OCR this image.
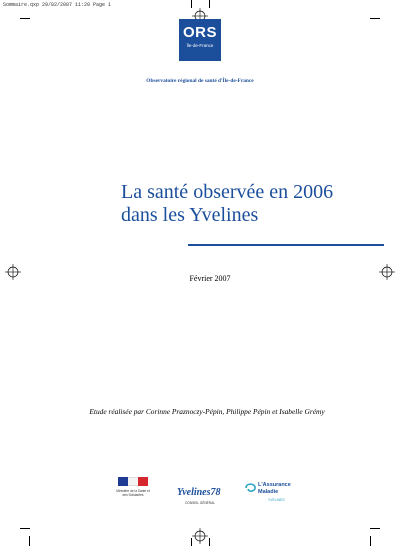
Sommaire.qxp 29/02/2007 11:20 Page 1
ORS
Île-de-France
Observatoire régional de santé d'Île-de-France
La santé observée en 2006
dans les Yvelines
Février 2007
Etude réalisée par Corinne Praznoczy-Pépin, Philippe Pépin et Isabelle Grémy
Ministère de la Santé et des Solidarités	Yvelines78
CONSEIL GÉNÉRAL
L'Assurance
Maladie
YVELINES
